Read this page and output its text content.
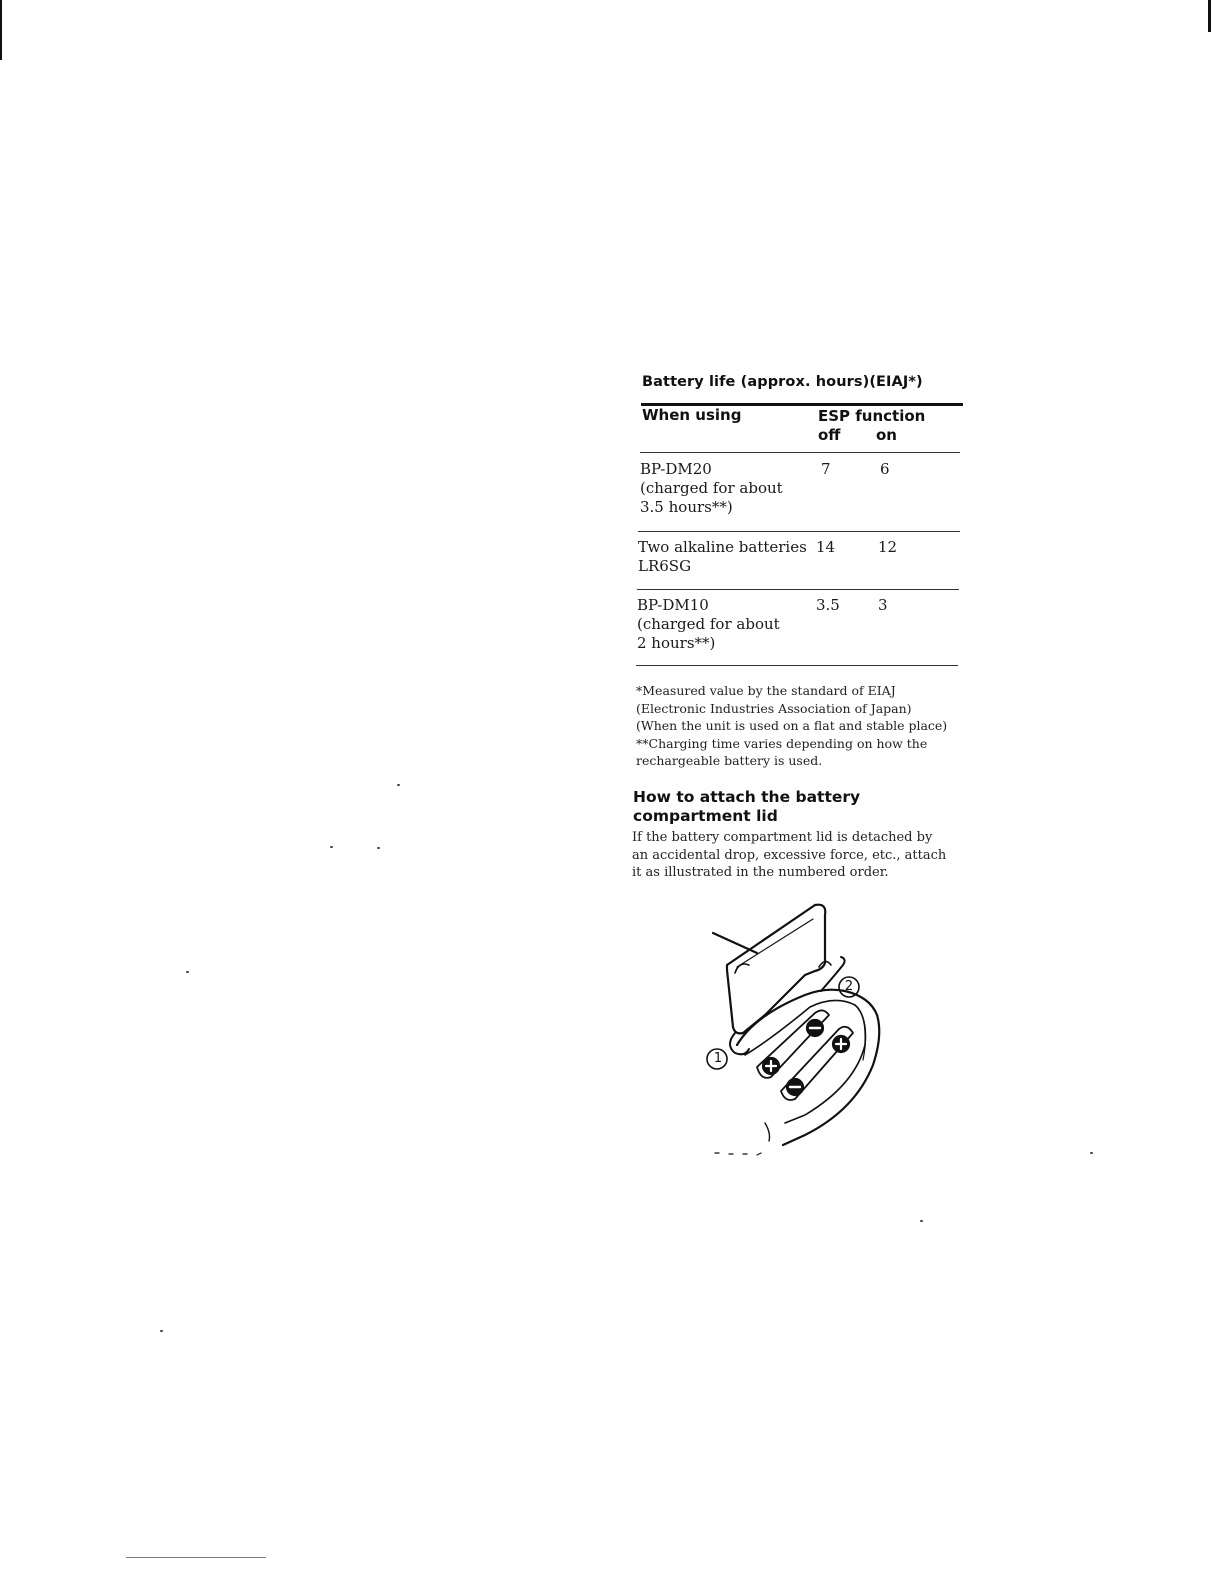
Battery life (approx. hours)(EIAJ*)
When using	ESP function
off on
BP-DM20
(charged for about
3.5 hours**)
7	6
Two alkaline batteries
LR6SG
14	12
BP-DM10
(charged for about
2 hours**)
3.5	3
*Measured value by the standard of EIAJ
(Electronic Industries Association of Japan)
(When the unit is used on a flat and stable place)
**Charging time varies depending on how the
rechargeable battery is used.
How to attach the battery
compartment lid
If the battery compartment lid is detached by
an accidental drop, excessive force, etc., attach
it as illustrated in the numbered order.
1
2
